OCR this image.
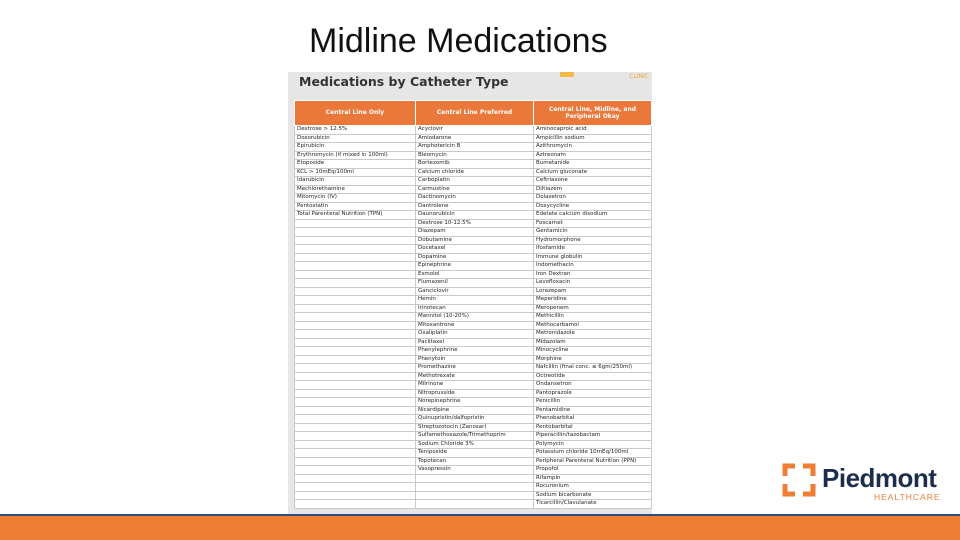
Midline Medications
Medications by Catheter Type	CLINIC
Central Line Only	Central Line Preferred	Central Line, Midline, and Peripheral Okay
Dextrose > 12.5%	Acyclovir	Aminocaproic acid
Doxorubicin	Amiodarone	Ampicillin sodium
Epirubicin	Amphotericin B	Azithromycin
Erythromycin (if mixed in 100ml)	Bleomycin	Aztreonam
Etoposide	Bortezomib	Bumetanide
KCL > 10mEq/100ml	Calcium chloride	Calcium gluconate
Idarubicin	Carboplatin	Ceftriaxone
Mechlorethamine	Carmustine	Diltiazem
Mitomycin (IV)	Dactinomycin	Dolasetron
Pentostatin	Dantrolene	Doxycycline
Total Parenteral Nutrition (TPN)	Daunorubicin	Edetate calcium disodium
	Dextrose 10-12.5%	Foscarnet
	Diazepam	Gentamicin
	Dobutamine	Hydromorphone
	Docetaxel	Ifosfamide
	Dopamine	Immune globulin
	Epinephrine	Indomethacin
	Esmolol	Iron Dextran
	Flumazenil	Levofloxacin
	Ganciclovir	Lorazepam
	Hemin	Meperidine
	Irinotecan	Meropenem
	Mannitol (10-20%)	Methicillin
	Mitoxantrone	Methocarbamol
	Oxaliplatin	Metronidazole
	Paclitaxel	Midazolam
	Phenylephrine	Minocycline
	Phenytoin	Morphine
	Promethazine	Nafcillin (final conc. ≤ 6gm/250ml)
	Methotrexate	Octreotide
	Milrinone	Ondansetron
	Nitroprusside	Pantoprazole
	Norepinephrine	Penicillin
	Nicardipine	Pentamidine
	Quinupristin/dalfopristin	Phenobarbital
	Streptozotocin (Zanosar)	Pentobarbital
	Sulfamethoxazole/Trimethoprim	Piperacillin/tazobactam
	Sodium Chloride 3%	Polymycin
	Teniposide	Potassium chloride 10mEq/100ml
	Topotecan	Peripheral Parenteral Nutrition (PPN)
	Vasopressin	Propofol
		Rifampin
		Rocuronium
		Sodium bicarbonate
		Ticarcillin/Clavulanate
Piedmont
HEALTHCARE
